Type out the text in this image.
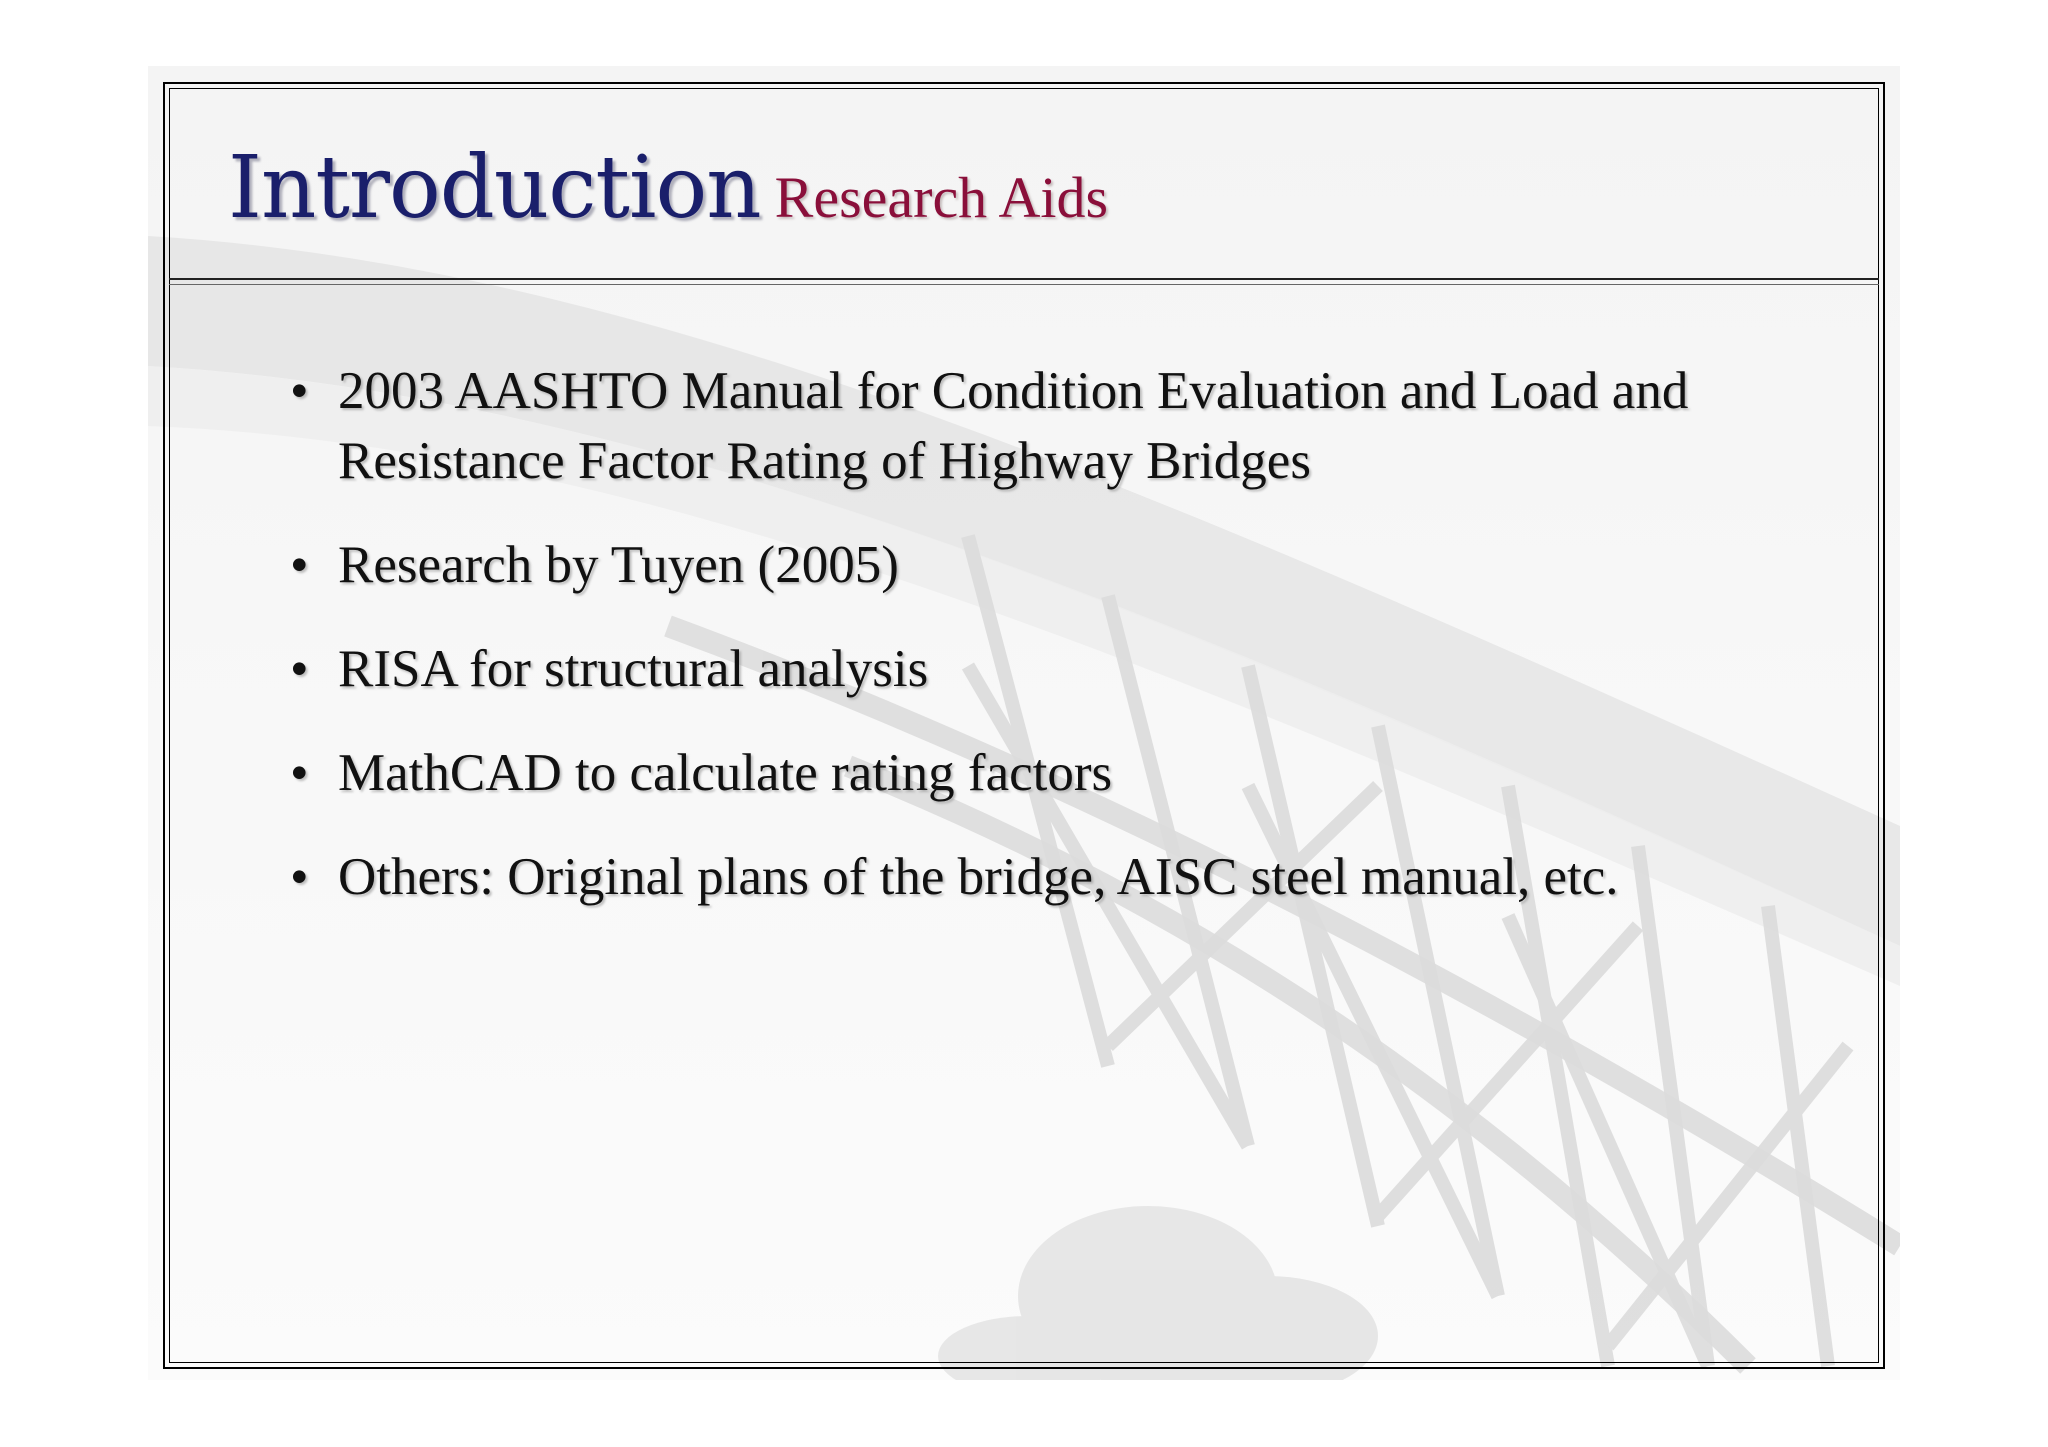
Introduction Research Aids
• 2003 AASHTO Manual for Condition Evaluation and Load and Resistance Factor Rating of Highway Bridges
• Research by Tuyen (2005)
• RISA for structural analysis
• MathCAD to calculate rating factors
• Others: Original plans of the bridge, AISC steel manual, etc.
